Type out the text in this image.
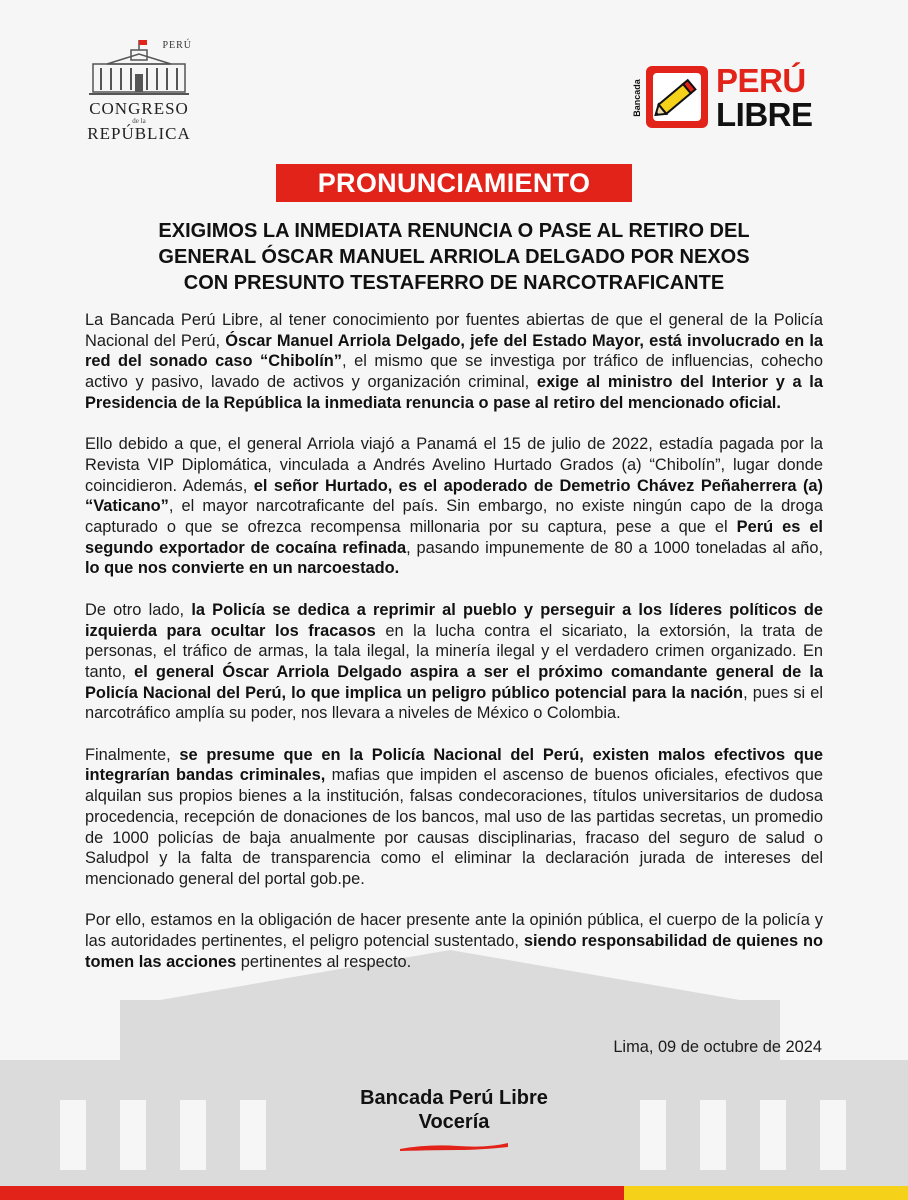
PERÚ
CONGRESO
de la
REPÚBLICA
Bancada PERÚ
LIBRE
PRONUNCIAMIENTO
EXIGIMOS LA INMEDIATA RENUNCIA O PASE AL RETIRO DEL
GENERAL ÓSCAR MANUEL ARRIOLA DELGADO POR NEXOS
CON PRESUNTO TESTAFERRO DE NARCOTRAFICANTE

La Bancada Perú Libre, al tener conocimiento por fuentes abiertas de que el general de la Policía Nacional del Perú, Óscar Manuel Arriola Delgado, jefe del Estado Mayor, está involucrado en la red del sonado caso “Chibolín”, el mismo que se investiga por tráfico de influencias, cohecho activo y pasivo, lavado de activos y organización criminal, exige al ministro del Interior y a la Presidencia de la República la inmediata renuncia o pase al retiro del mencionado oficial.

Ello debido a que, el general Arriola viajó a Panamá el 15 de julio de 2022, estadía pagada por la Revista VIP Diplomática, vinculada a Andrés Avelino Hurtado Grados (a) “Chibolín”, lugar donde coincidieron. Además, el señor Hurtado, es el apoderado de Demetrio Chávez Peñaherrera (a) “Vaticano”, el mayor narcotraficante del país. Sin embargo, no existe ningún capo de la droga capturado o que se ofrezca recompensa millonaria por su captura, pese a que el Perú es el segundo exportador de cocaína refinada, pasando impunemente de 80 a 1000 toneladas al año, lo que nos convierte en un narcoestado.

De otro lado, la Policía se dedica a reprimir al pueblo y perseguir a los líderes políticos de izquierda para ocultar los fracasos en la lucha contra el sicariato, la extorsión, la trata de personas, el tráfico de armas, la tala ilegal, la minería ilegal y el verdadero crimen organizado. En tanto, el general Óscar Arriola Delgado aspira a ser el próximo comandante general de la Policía Nacional del Perú, lo que implica un peligro público potencial para la nación, pues si el narcotráfico amplía su poder, nos llevara a niveles de México o Colombia.

Finalmente, se presume que en la Policía Nacional del Perú, existen malos efectivos que integrarían bandas criminales, mafias que impiden el ascenso de buenos oficiales, efectivos que alquilan sus propios bienes a la institución, falsas condecoraciones, títulos universitarios de dudosa procedencia, recepción de donaciones de los bancos, mal uso de las partidas secretas, un promedio de 1000 policías de baja anualmente por causas disciplinarias, fracaso del seguro de salud o Saludpol y la falta de transparencia como el eliminar la declaración jurada de intereses del mencionado general del portal gob.pe.

Por ello, estamos en la obligación de hacer presente ante la opinión pública, el cuerpo de la policía y las autoridades pertinentes, el peligro potencial sustentado, siendo responsabilidad de quienes no tomen las acciones pertinentes al respecto.

Lima, 09 de octubre de 2024
Bancada Perú Libre
Vocería
